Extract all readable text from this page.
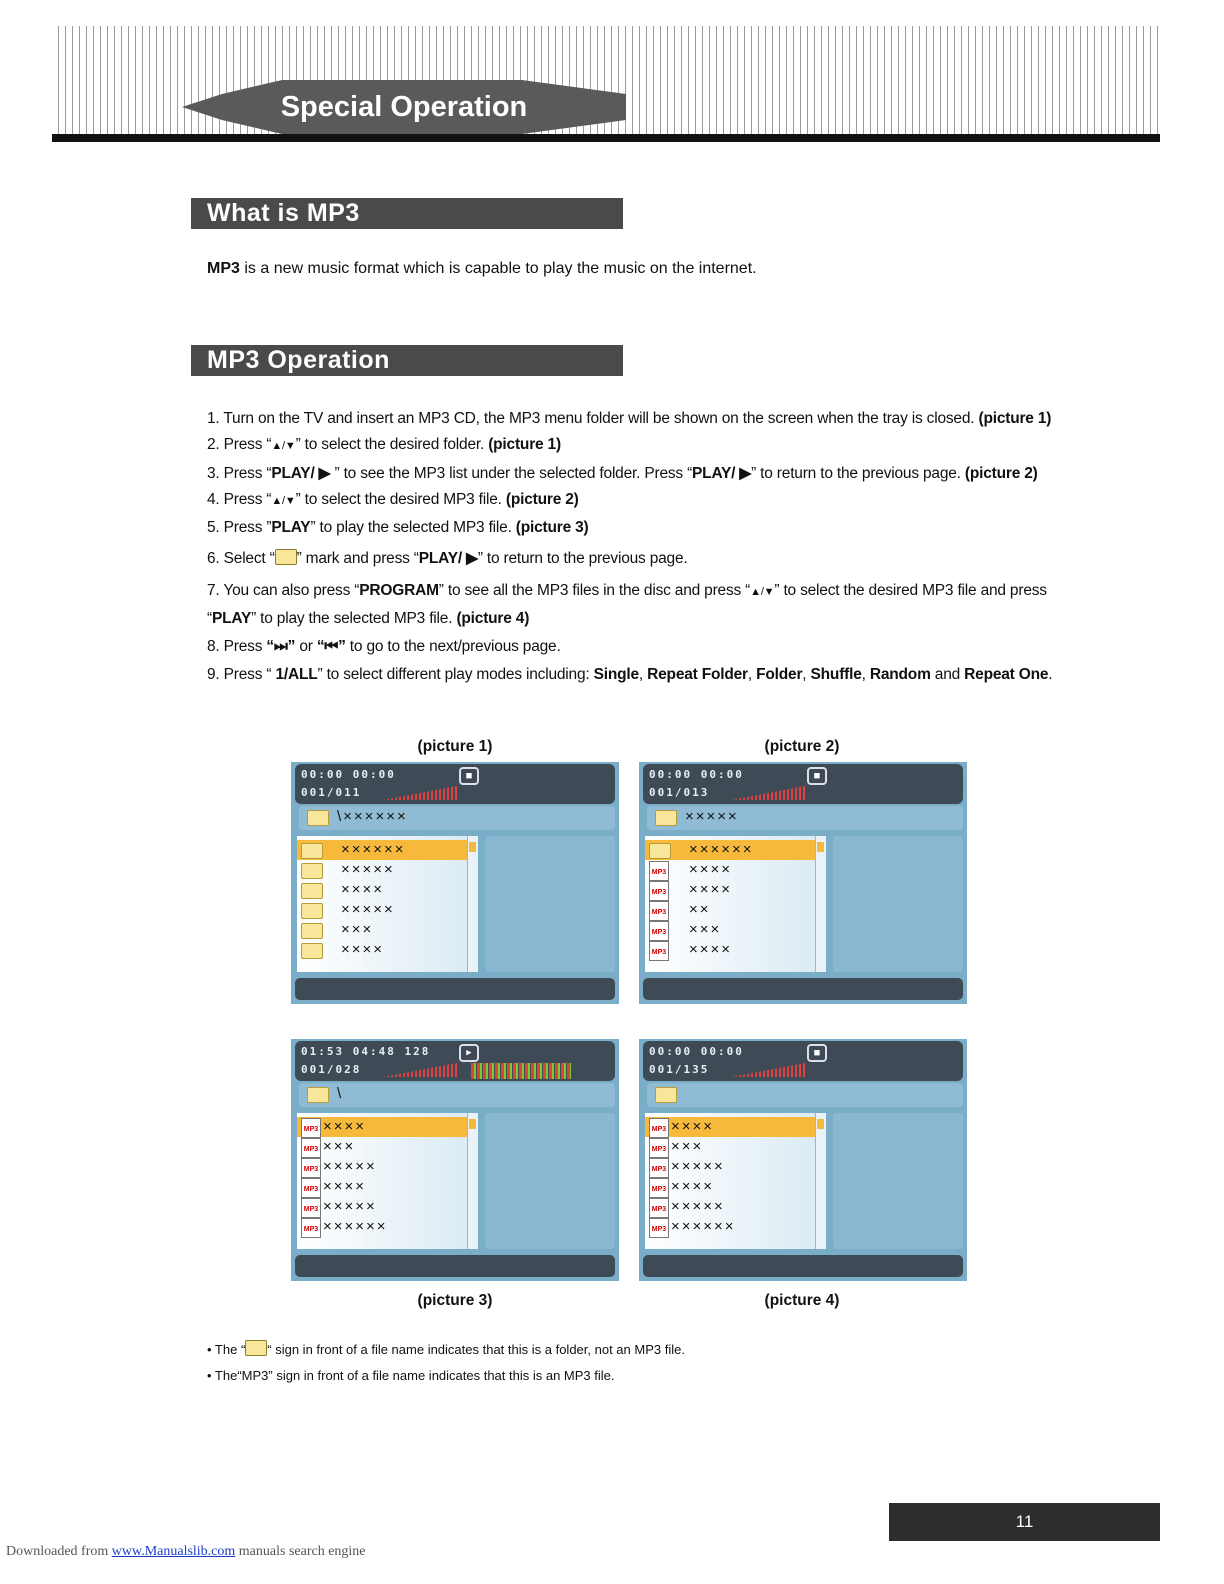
Special Operation
What is MP3
MP3 is a new music format which is capable to play the music on the internet.
MP3 Operation
1. Turn on the TV and insert an MP3 CD, the MP3 menu folder will be shown on the screen when the tray is closed. (picture 1)
2. Press “▲/▼” to select the desired folder. (picture 1)
3. Press “PLAY/ ▶ ” to see the MP3 list under the selected folder. Press “PLAY/ ▶” to return to the previous page. (picture 2)
4. Press “▲/▼” to select the desired MP3 file. (picture 2)
5. Press ”PLAY” to play the selected MP3 file. (picture 3)
6. Select “ ” mark and press “PLAY/ ▶” to return to the previous page.
7. You can also press “PROGRAM” to see all the MP3 files in the disc and press “▲/▼” to select the desired MP3 file and press
“PLAY” to play the selected MP3 file. (picture 4)
8. Press “⏭” or “⏮” to go to the next/previous page.
9. Press “ 1/ALL” to select different play modes including: Single, Repeat Folder, Folder, Shuffle, Random and Repeat One.
(picture 1)	(picture 2)
(picture 3)	(picture 4)
00:00 00:00
001/011
■
\××××××
××××××
×××××
××××
×××××
×××
××××
00:00 00:00
001/013
■
×××××
××××××
MP3 ××××
MP3 ××××
MP3 ××
MP3 ×××
MP3 ××××
01:53 04:48 128
001/028
▶
\
MP3 ××××
MP3 ×××
MP3 ×××××
MP3 ××××
MP3 ×××××
MP3 ××××××
00:00 00:00
001/135
■
MP3 ××××
MP3 ×××
MP3 ×××××
MP3 ××××
MP3 ×××××
MP3 ××××××
• The “ “ sign in front of a file name indicates that this is a folder, not an MP3 file.
• The“MP3” sign in front of a file name indicates that this is an MP3 file.
11
Downloaded from www.Manualslib.com manuals search engine
